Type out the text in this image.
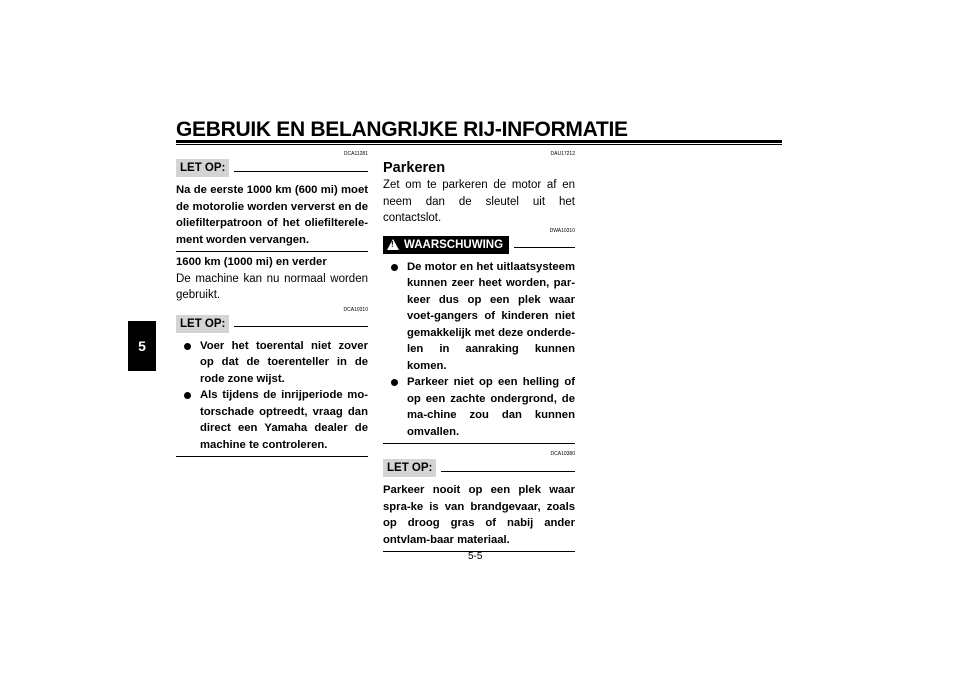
GEBRUIK EN BELANGRIJKE RIJ-INFORMATIE
5
DCA11281
LET OP:
Na de eerste 1000 km (600 mi) moet de motorolie worden ververst en de oliefilterpatroon of het oliefilterele-ment worden vervangen.
1600 km (1000 mi) en verder
De machine kan nu normaal worden gebruikt.
DCA10310
LET OP:
Voer het toerental niet zover op dat de toerenteller in de rode zone wijst.
Als tijdens de inrijperiode mo-torschade optreedt, vraag dan direct een Yamaha dealer de machine te controleren.
DAU17212
Parkeren
Zet om te parkeren de motor af en neem dan de sleutel uit het contactslot.
DWA10310
! WAARSCHUWING
De motor en het uitlaatsysteem kunnen zeer heet worden, par-keer dus op een plek waar voet-gangers of kinderen niet gemakkelijk met deze onderde-len in aanraking kunnen komen.
Parkeer niet op een helling of op een zachte ondergrond, de ma-chine zou dan kunnen omvallen.
DCA10380
LET OP:
Parkeer nooit op een plek waar spra-ke is van brandgevaar, zoals op droog gras of nabij ander ontvlam-baar materiaal.
5-5
